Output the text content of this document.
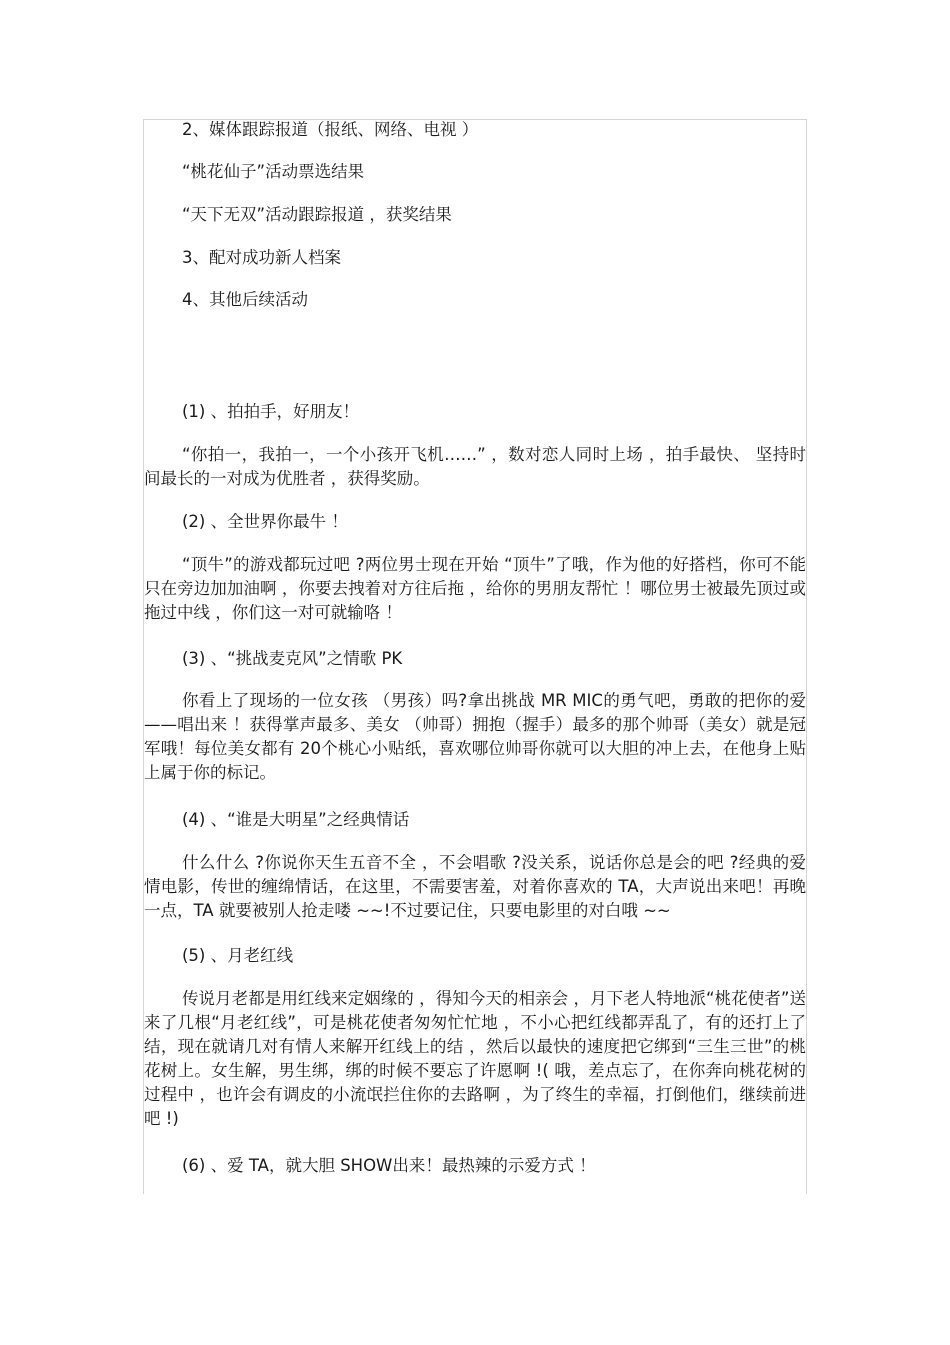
2、媒体跟踪报道（报纸、网络、电视 ）

“桃花仙子”活动票选结果

“天下无双”活动跟踪报道 ，获奖结果

3、配对成功新人档案

4、其他后续活动

(1) 、拍拍手，好朋友！

“你拍一，我拍一，一个小孩开飞机……” ，数对恋人同时上场 ，拍手最快、 坚持时间最长的一对成为优胜者 ，获得奖励。

(2) 、全世界你最牛 ！

“顶牛”的游戏都玩过吧 ?两位男士现在开始 “顶牛”了哦，作为他的好搭档，你可不能只在旁边加加油啊 ，你要去拽着对方往后拖 ，给你的男朋友帮忙 ！哪位男士被最先顶过或拖过中线 ，你们这一对可就输咯 ！

(3) 、“挑战麦克风”之情歌 PK

你看上了现场的一位女孩 （男孩）吗?拿出挑战 MR MIC的勇气吧，勇敢的把你的爱——唱出来 ！获得掌声最多、美女 （帅哥）拥抱（握手）最多的那个帅哥（美女）就是冠军哦！每位美女都有 20个桃心小贴纸，喜欢哪位帅哥你就可以大胆的冲上去，在他身上贴上属于你的标记。

(4) 、“谁是大明星”之经典情话

什么什么 ?你说你天生五音不全 ，不会唱歌 ?没关系，说话你总是会的吧 ?经典的爱情电影，传世的缠绵情话，在这里，不需要害羞，对着你喜欢的 TA，大声说出来吧！再晚一点，TA 就要被别人抢走喽 ~~!不过要记住，只要电影里的对白哦 ~~

(5) 、月老红线

传说月老都是用红线来定姻缘的 ，得知今天的相亲会 ，月下老人特地派“桃花使者”送来了几根“月老红线”，可是桃花使者匆匆忙忙地 ，不小心把红线都弄乱了，有的还打上了结，现在就请几对有情人来解开红线上的结 ，然后以最快的速度把它绑到“三生三世”的桃花树上。女生解，男生绑，绑的时候不要忘了许愿啊 !( 哦，差点忘了，在你奔向桃花树的过程中 ，也许会有调皮的小流氓拦住你的去路啊 ，为了终生的幸福，打倒他们，继续前进吧 !)

(6) 、爱 TA，就大胆 SHOW出来！最热辣的示爱方式 ！
